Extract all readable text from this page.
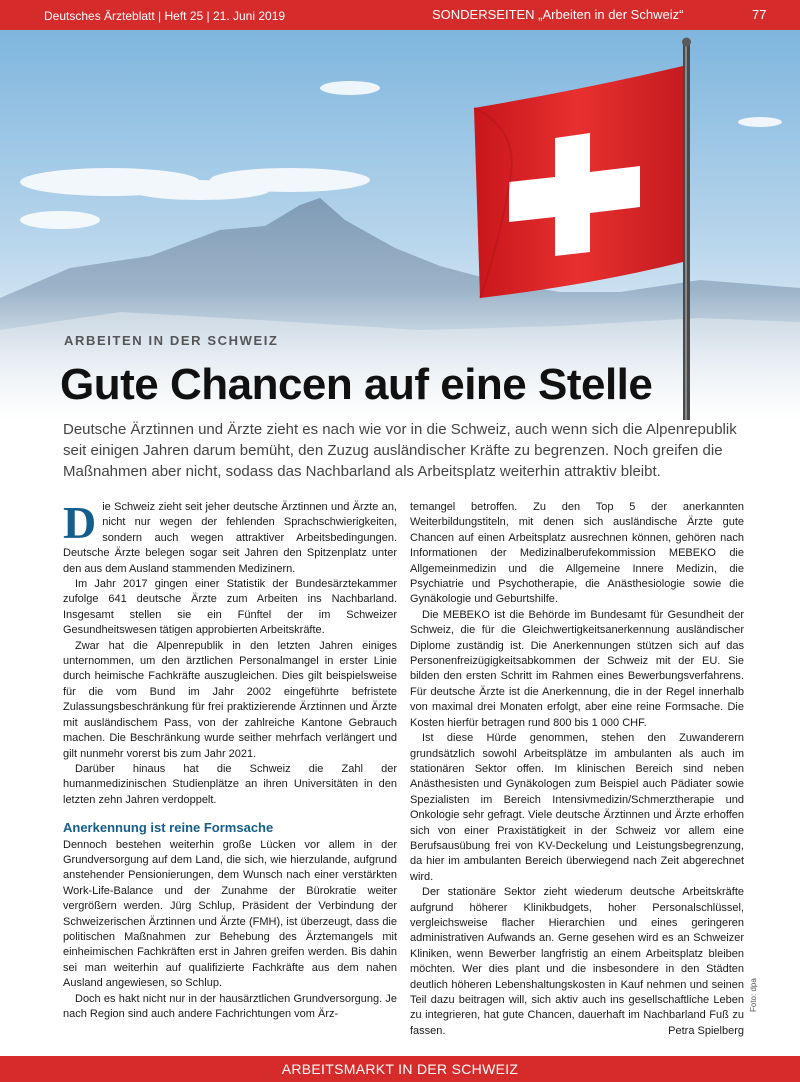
Deutsches Ärzteblatt | Heft 25 | 21. Juni 2019	SONDERSEITEN „Arbeiten in der Schweiz“	77
ARBEITEN IN DER SCHWEIZ
Gute Chancen auf eine Stelle

Deutsche Ärztinnen und Ärzte zieht es nach wie vor in die Schweiz, auch wenn sich die Alpenrepublik seit einigen Jahren darum bemüht, den Zuzug ausländischer Kräfte zu begrenzen. Noch greifen die Maßnahmen aber nicht, sodass das Nachbarland als Arbeitsplatz weiterhin attraktiv bleibt.

Die Schweiz zieht seit jeher deutsche Ärztinnen und Ärzte an, nicht nur wegen der fehlenden Sprachschwierigkeiten, sondern auch wegen attraktiver Arbeitsbedingungen. Deutsche Ärzte belegen sogar seit Jahren den Spitzenplatz unter den aus dem Ausland stammenden Medizinern.

Im Jahr 2017 gingen einer Statistik der Bundesärztekammer zufolge 641 deutsche Ärzte zum Arbeiten ins Nachbarland. Insgesamt stellen sie ein Fünftel der im Schweizer Gesundheitswesen tätigen approbierten Arbeitskräfte.

Zwar hat die Alpenrepublik in den letzten Jahren einiges unternommen, um den ärztlichen Personalmangel in erster Linie durch heimische Fachkräfte auszugleichen. Dies gilt beispielsweise für die vom Bund im Jahr 2002 eingeführte befristete Zulassungsbeschränkung für frei praktizierende Ärztinnen und Ärzte mit ausländischem Pass, von der zahlreiche Kantone Gebrauch machen. Die Beschränkung wurde seither mehrfach verlängert und gilt nunmehr vorerst bis zum Jahr 2021.

Darüber hinaus hat die Schweiz die Zahl der humanmedizinischen Studienplätze an ihren Universitäten in den letzten zehn Jahren verdoppelt.

Anerkennung ist reine Formsache

Dennoch bestehen weiterhin große Lücken vor allem in der Grundversorgung auf dem Land, die sich, wie hierzulande, aufgrund anstehender Pensionierungen, dem Wunsch nach einer verstärkten Work-Life-Balance und der Zunahme der Bürokratie weiter vergrößern werden. Jürg Schlup, Präsident der Verbindung der Schweizerischen Ärztinnen und Ärzte (FMH), ist überzeugt, dass die politischen Maßnahmen zur Behebung des Ärztemangels mit einheimischen Fachkräften erst in Jahren greifen werden. Bis dahin sei man weiterhin auf qualifizierte Fachkräfte aus dem nahen Ausland angewiesen, so Schlup.

Doch es hakt nicht nur in der hausärztlichen Grundversorgung. Je nach Region sind auch andere Fachrichtungen vom Ärz-

temangel betroffen. Zu den Top 5 der anerkannten Weiterbildungstiteln, mit denen sich ausländische Ärzte gute Chancen auf einen Arbeitsplatz ausrechnen können, gehören nach Informationen der Medizinalberufekommission MEBEKO die Allgemeinmedizin und die Allgemeine Innere Medizin, die Psychiatrie und Psychotherapie, die Anästhesiologie sowie die Gynäkologie und Geburtshilfe.

Die MEBEKO ist die Behörde im Bundesamt für Gesundheit der Schweiz, die für die Gleichwertigkeitsanerkennung ausländischer Diplome zuständig ist. Die Anerkennungen stützen sich auf das Personenfreizügigkeitsabkommen der Schweiz mit der EU. Sie bilden den ersten Schritt im Rahmen eines Bewerbungsverfahrens. Für deutsche Ärzte ist die Anerkennung, die in der Regel innerhalb von maximal drei Monaten erfolgt, aber eine reine Formsache. Die Kosten hierfür betragen rund 800 bis 1 000 CHF.

Ist diese Hürde genommen, stehen den Zuwanderern grundsätzlich sowohl Arbeitsplätze im ambulanten als auch im stationären Sektor offen. Im klinischen Bereich sind neben Anästhesisten und Gynäkologen zum Beispiel auch Pädiater sowie Spezialisten im Bereich Intensivmedizin/Schmerztherapie und Onkologie sehr gefragt. Viele deutsche Ärztinnen und Ärzte erhoffen sich von einer Praxistätigkeit in der Schweiz vor allem eine Berufsausübung frei von KV-Deckelung und Leistungsbegrenzung, da hier im ambulanten Bereich überwiegend nach Zeit abgerechnet wird.

Der stationäre Sektor zieht wiederum deutsche Arbeitskräfte aufgrund höherer Klinikbudgets, hoher Personalschlüssel, vergleichsweise flacher Hierarchien und eines geringeren administrativen Aufwands an. Gerne gesehen wird es an Schweizer Kliniken, wenn Bewerber langfristig an einem Arbeitsplatz bleiben möchten. Wer dies plant und die insbesondere in den Städten deutlich höheren Lebenshaltungskosten in Kauf nehmen und seinen Teil dazu beitragen will, sich aktiv auch ins gesellschaftliche Leben zu integrieren, hat gute Chancen, dauerhaft im Nachbarland Fuß zu fassen.	Petra Spielberg
Foto: dpa
ARBEITSMARKT IN DER SCHWEIZ
